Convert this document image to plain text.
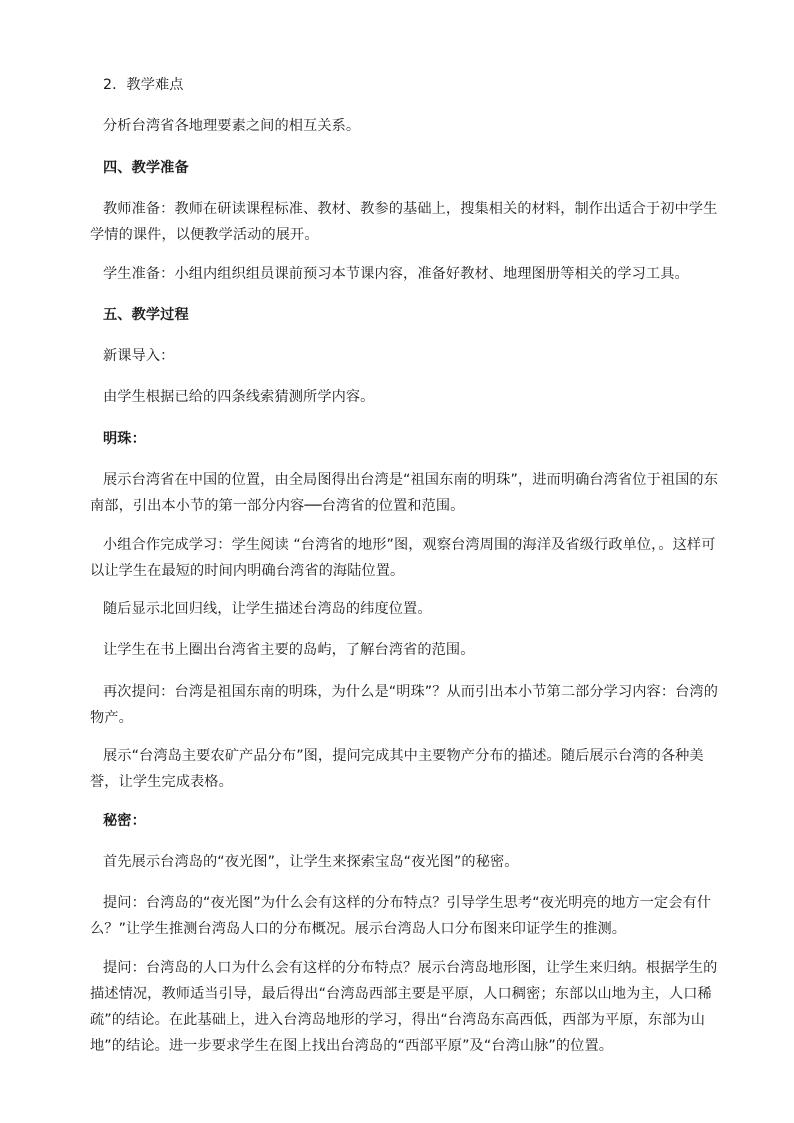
2．教学难点

分析台湾省各地理要素之间的相互关系。

四、教学准备

教师准备：教师在研读课程标准、教材、教参的基础上，搜集相关的材料，制作出适合于初中学生学情的课件，以便教学活动的展开。

学生准备：小组内组织组员课前预习本节课内容，准备好教材、地理图册等相关的学习工具。

五、教学过程

新课导入：

由学生根据已给的四条线索猜测所学内容。

明珠：

展示台湾省在中国的位置，由全局图得出台湾是“祖国东南的明珠”，进而明确台湾省位于祖国的东南部，引出本小节的第一部分内容──台湾省的位置和范围。

小组合作完成学习：学生阅读 “台湾省的地形”图，观察台湾周围的海洋及省级行政单位，。这样可以让学生在最短的时间内明确台湾省的海陆位置。

随后显示北回归线，让学生描述台湾岛的纬度位置。

让学生在书上圈出台湾省主要的岛屿，了解台湾省的范围。

再次提问：台湾是祖国东南的明珠，为什么是“明珠”？从而引出本小节第二部分学习内容：台湾的物产。

展示“台湾岛主要农矿产品分布”图，提问完成其中主要物产分布的描述。随后展示台湾的各种美誉，让学生完成表格。

秘密：

首先展示台湾岛的“夜光图”，让学生来探索宝岛“夜光图”的秘密。

提问：台湾岛的“夜光图”为什么会有这样的分布特点？引导学生思考“夜光明亮的地方一定会有什么？”让学生推测台湾岛人口的分布概况。展示台湾岛人口分布图来印证学生的推测。

提问：台湾岛的人口为什么会有这样的分布特点？展示台湾岛地形图，让学生来归纳。根据学生的描述情况，教师适当引导，最后得出“台湾岛西部主要是平原，人口稠密；东部以山地为主，人口稀疏”的结论。在此基础上，进入台湾岛地形的学习，得出“台湾岛东高西低，西部为平原，东部为山地”的结论。进一步要求学生在图上找出台湾岛的“西部平原”及“台湾山脉”的位置。
